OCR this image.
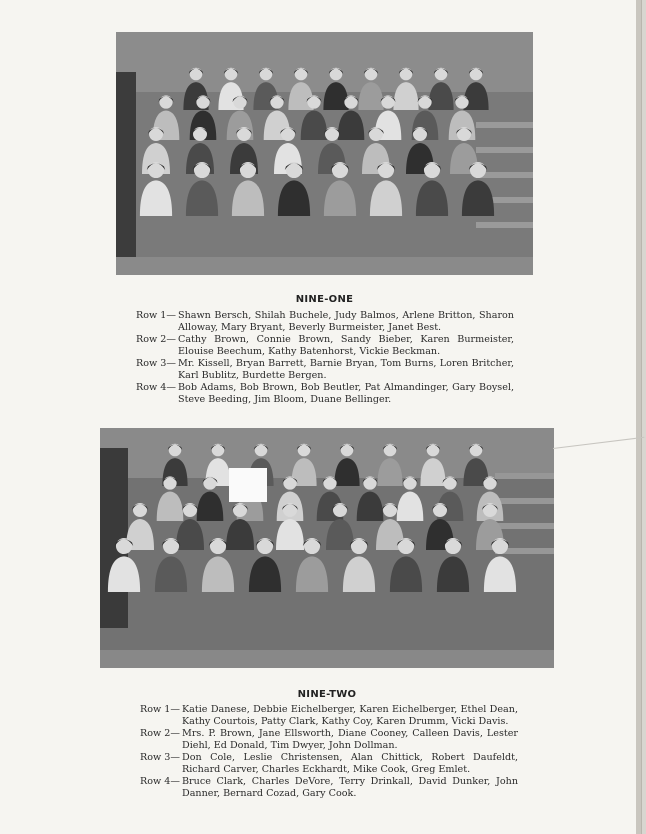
NINE-ONE
Row 1— Shawn Bersch, Shilah Buchele, Judy Balmos, Arlene Britton, Sharon Alloway, Mary Bryant, Beverly Burmeister, Janet Best.
Row 2— Cathy Brown, Connie Brown, Sandy Bieber, Karen Burmeister, Elouise Beechum, Kathy Batenhorst, Vickie Beckman.
Row 3— Mr. Kissell, Bryan Barrett, Barnie Bryan, Tom Burns, Loren Britcher, Karl Bublitz, Burdette Bergen.
Row 4— Bob Adams, Bob Brown, Bob Beutler, Pat Almandinger, Gary Boysel, Steve Beeding, Jim Bloom, Duane Bellinger.
NINE-TWO
Row 1— Katie Danese, Debbie Eichelberger, Karen Eichelberger, Ethel Dean, Kathy Courtois, Patty Clark, Kathy Coy, Karen Drumm, Vicki Davis.
Row 2— Mrs. P. Brown, Jane Ellsworth, Diane Cooney, Calleen Davis, Lester Diehl, Ed Donald, Tim Dwyer, John Dollman.
Row 3— Don Cole, Leslie Christensen, Alan Chittick, Robert Daufeldt, Richard Carver, Charles Eckhardt, Mike Cook, Greg Emlet.
Row 4— Bruce Clark, Charles DeVore, Terry Drinkall, David Dunker, John Danner, Bernard Cozad, Gary Cook.
